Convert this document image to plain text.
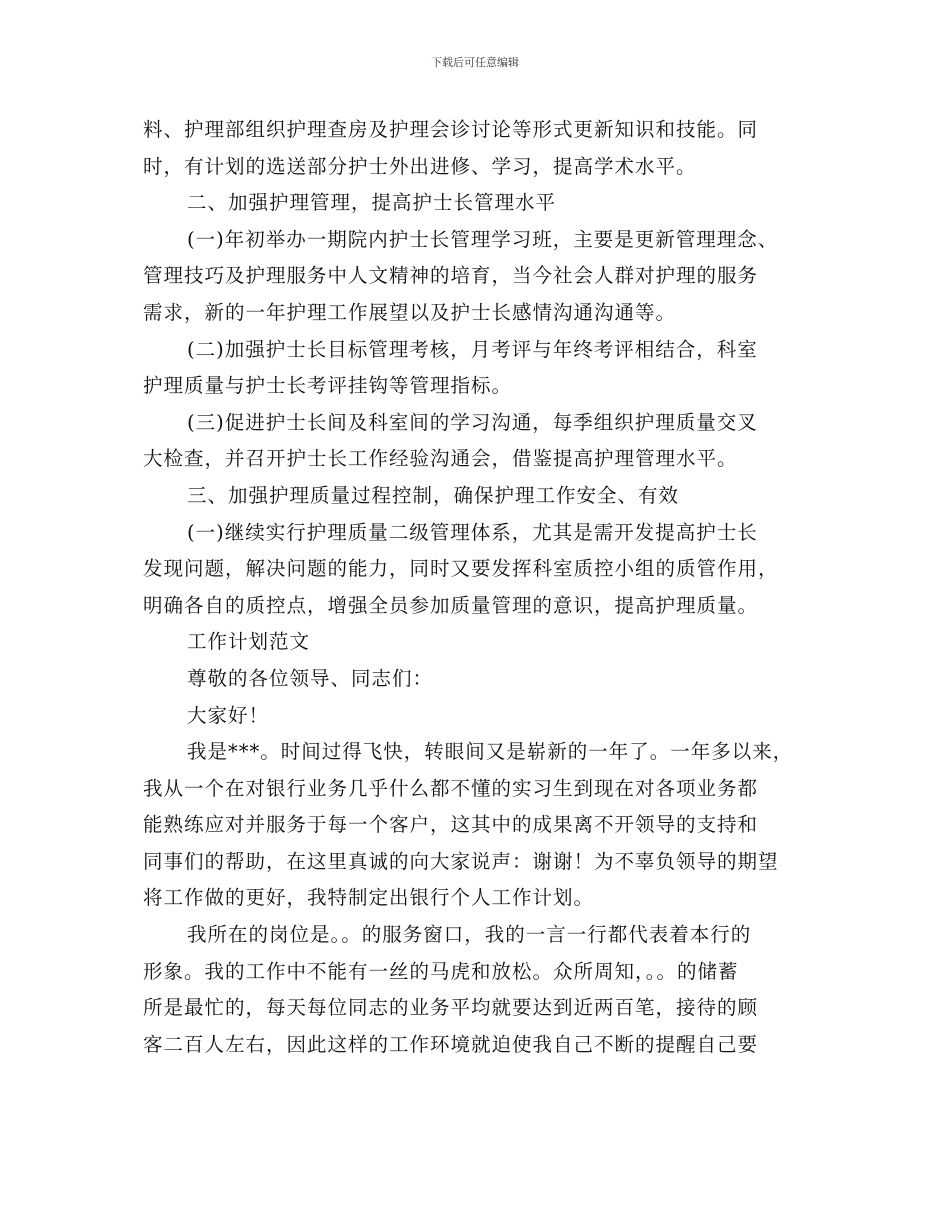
下载后可任意编辑
料、护理部组织护理查房及护理会诊讨论等形式更新知识和技能。同
时，有计划的选送部分护士外出进修、学习，提高学术水平。
二、加强护理管理，提高护士长管理水平
(一)年初举办一期院内护士长管理学习班，主要是更新管理理念、
管理技巧及护理服务中人文精神的培育，当今社会人群对护理的服务
需求，新的一年护理工作展望以及护士长感情沟通沟通等。
(二)加强护士长目标管理考核，月考评与年终考评相结合，科室
护理质量与护士长考评挂钩等管理指标。
(三)促进护士长间及科室间的学习沟通，每季组织护理质量交叉
大检查，并召开护士长工作经验沟通会，借鉴提高护理管理水平。
三、加强护理质量过程控制，确保护理工作安全、有效
(一)继续实行护理质量二级管理体系，尤其是需开发提高护士长
发现问题，解决问题的能力，同时又要发挥科室质控小组的质管作用，
明确各自的质控点，增强全员参加质量管理的意识，提高护理质量。
工作计划范文
尊敬的各位领导、同志们：
大家好！
我是***。时间过得飞快，转眼间又是崭新的一年了。一年多以来，
我从一个在对银行业务几乎什么都不懂的实习生到现在对各项业务都
能熟练应对并服务于每一个客户，这其中的成果离不开领导的支持和
同事们的帮助，在这里真诚的向大家说声：谢谢！为不辜负领导的期望
将工作做的更好，我特制定出银行个人工作计划。
我所在的岗位是。。的服务窗口，我的一言一行都代表着本行的
形象。我的工作中不能有一丝的马虎和放松。众所周知，。。的储蓄
所是最忙的，每天每位同志的业务平均就要达到近两百笔，接待的顾
客二百人左右，因此这样的工作环境就迫使我自己不断的提醒自己要
